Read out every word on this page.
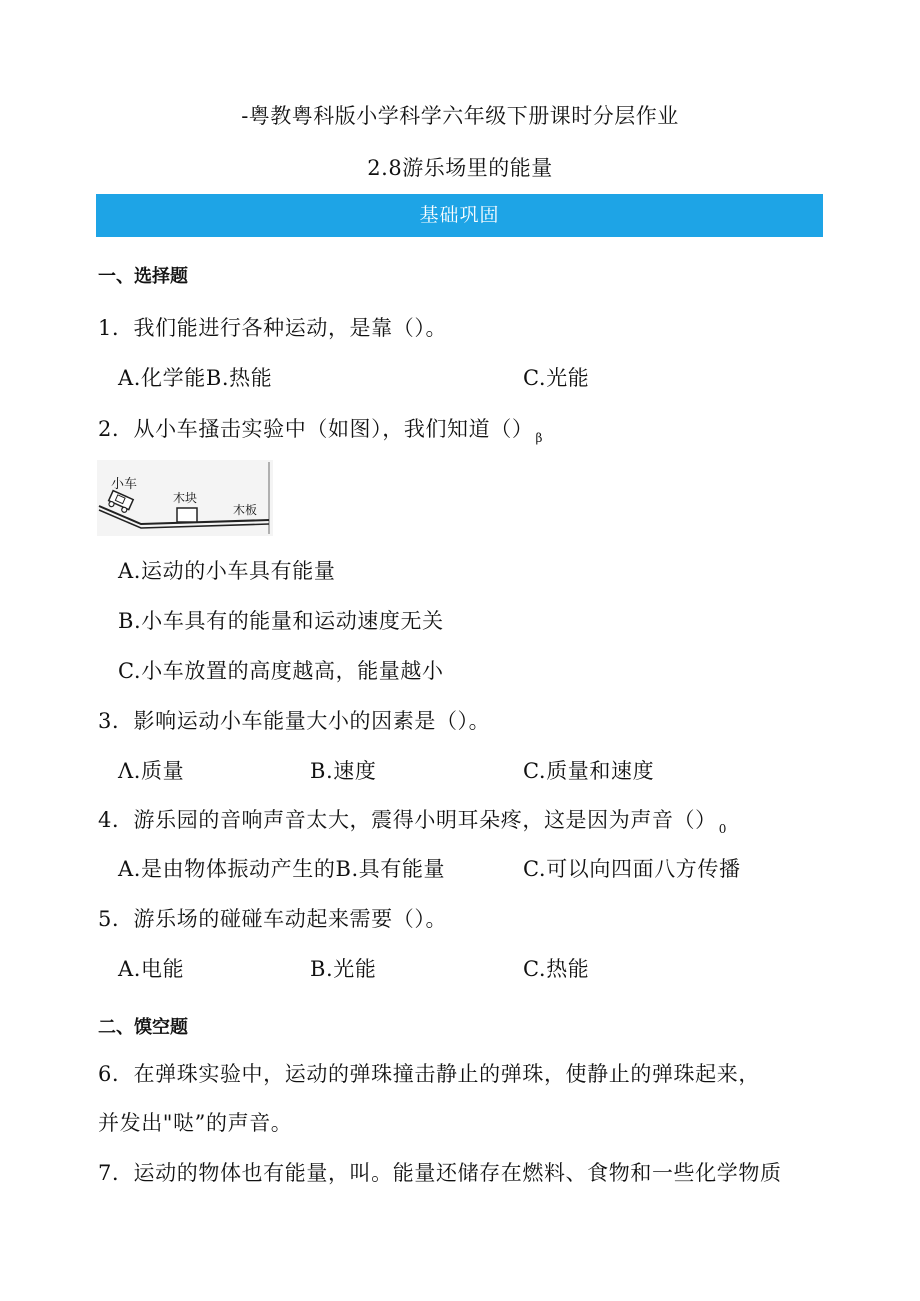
-粤教粤科版小学科学六年级下册课时分层作业
2.8游乐场里的能量
基础巩固
一、选择题
1．我们能进行各种运动，是靠（）。
A.化学能B.热能	C.光能
2．从小车搔击实验中（如图），我们知道（） $_\beta$
小车
木块
木板
A.运动的小车具有能量
B.小车具有的能量和运动速度无关
C.小车放置的高度越高，能量越小
3．影响运动小车能量大小的因素是（）。
Λ.质量	B.速度	C.质量和速度
4．游乐园的音响声音太大，震得小明耳朵疼，这是因为声音（） $_0$
A.是由物体振动产生的B.具有能量	C.可以向四面八方传播
5．游乐场的碰碰车动起来需要（）。
A.电能	B.光能	C.热能
二、馍空题
6．在弹珠实验中，运动的弹珠撞击静止的弹珠，使静止的弹珠起来，
并发出"哒”的声音。
7．运动的物体也有能量，叫。能量还储存在燃料、食物和一些化学物质
